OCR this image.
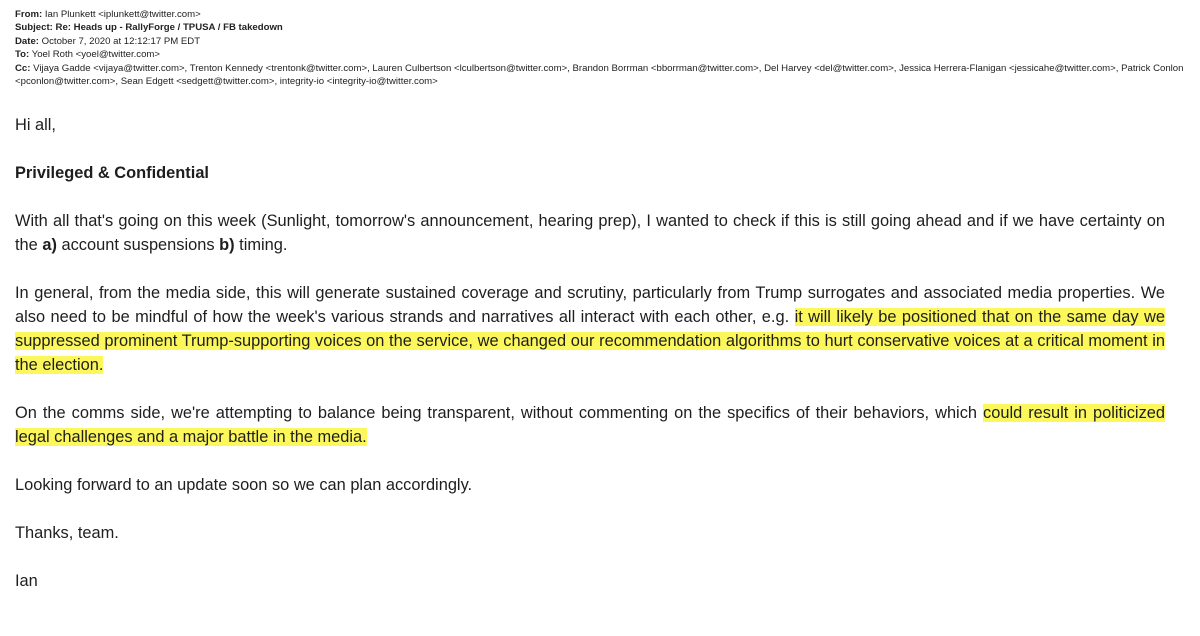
From: Ian Plunkett <iplunkett@twitter.com>
Subject: Re: Heads up - RallyForge / TPUSA / FB takedown
Date: October 7, 2020 at 12:12:17 PM EDT
To: Yoel Roth <yoel@twitter.com>
Cc: Vijaya Gadde <vijaya@twitter.com>, Trenton Kennedy <trentonk@twitter.com>, Lauren Culbertson <lculbertson@twitter.com>, Brandon Borrman <bborrman@twitter.com>, Del Harvey <del@twitter.com>, Jessica Herrera-Flanigan <jessicahe@twitter.com>, Patrick Conlon <pconlon@twitter.com>, Sean Edgett <sedgett@twitter.com>, integrity-io <integrity-io@twitter.com>

Hi all,

Privileged & Confidential

With all that's going on this week (Sunlight, tomorrow's announcement, hearing prep), I wanted to check if this is still going ahead and if we have certainty on the a) account suspensions b) timing.

In general, from the media side, this will generate sustained coverage and scrutiny, particularly from Trump surrogates and associated media properties. We also need to be mindful of how the week's various strands and narratives all interact with each other, e.g. it will likely be positioned that on the same day we suppressed prominent Trump-supporting voices on the service, we changed our recommendation algorithms to hurt conservative voices at a critical moment in the election.

On the comms side, we're attempting to balance being transparent, without commenting on the specifics of their behaviors, which could result in politicized legal challenges and a major battle in the media.

Looking forward to an update soon so we can plan accordingly.

Thanks, team.

Ian
